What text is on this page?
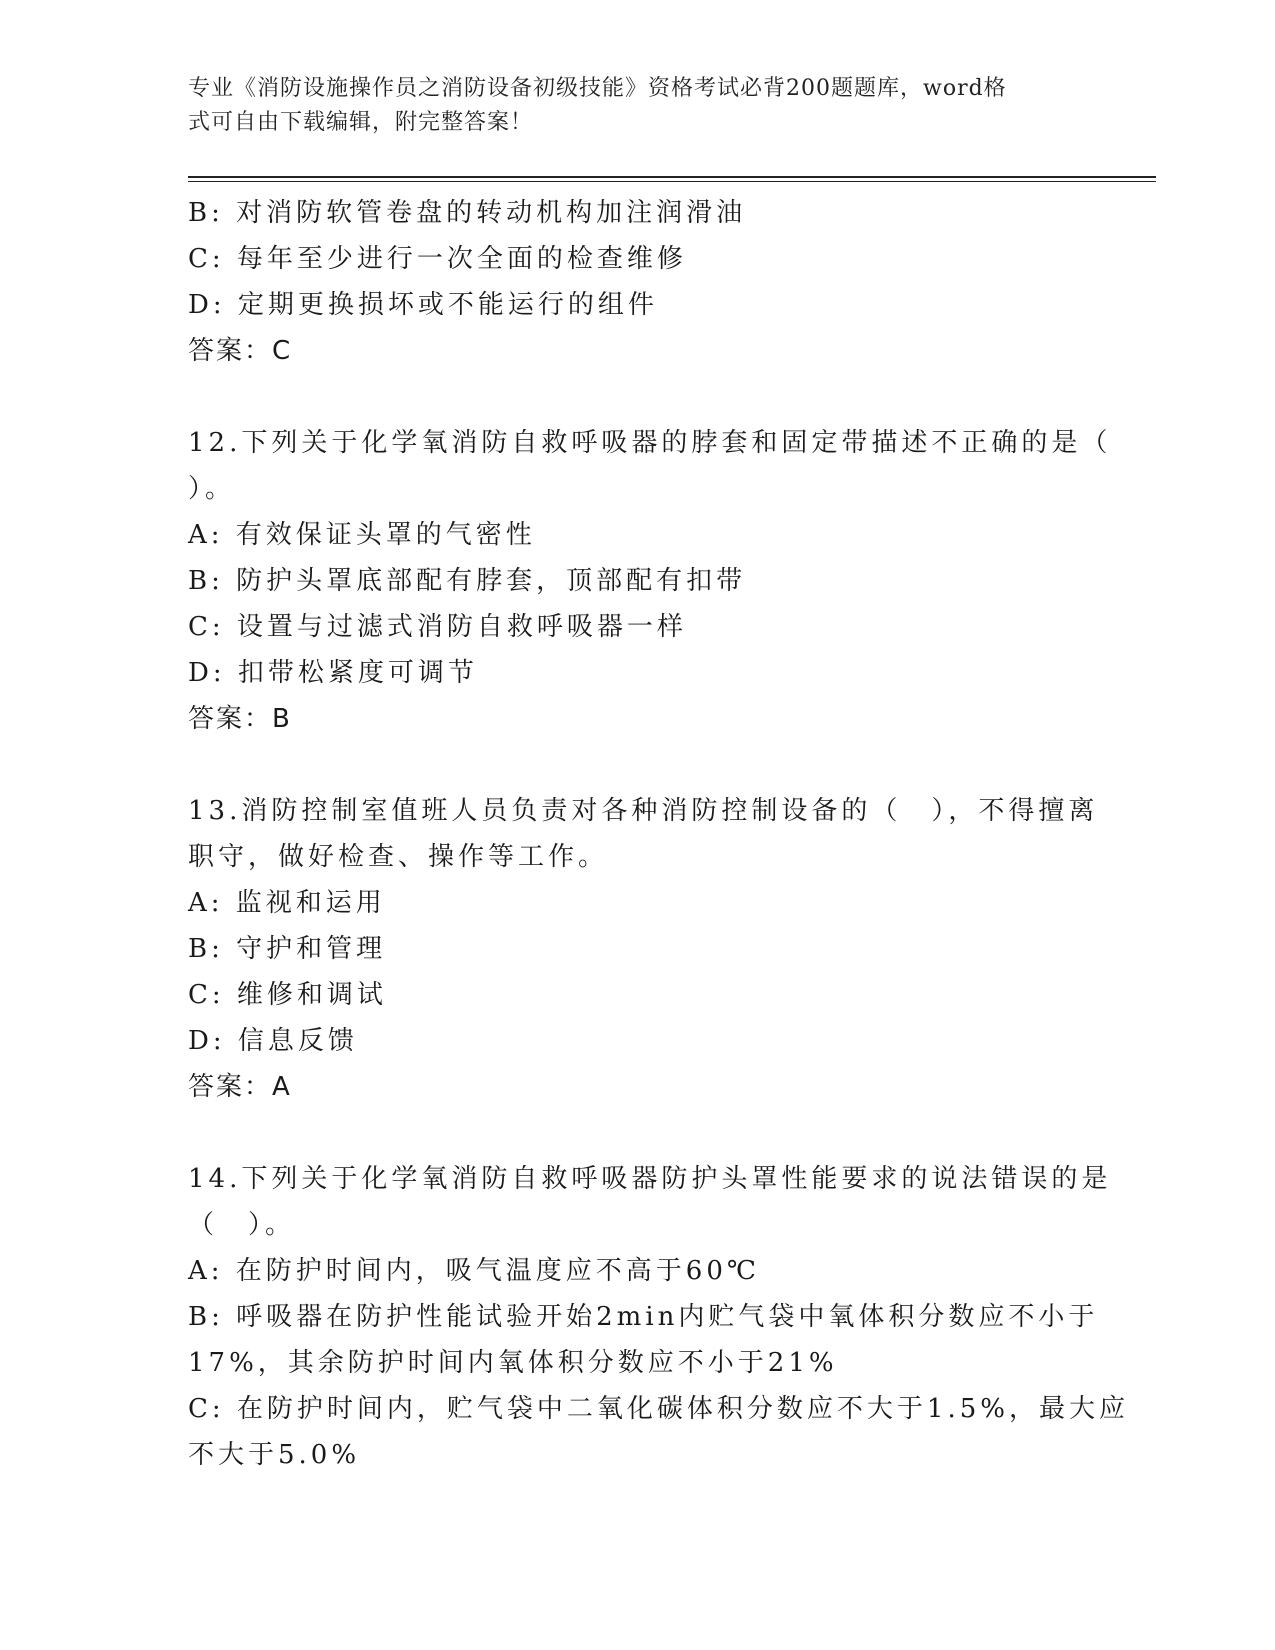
专业《消防设施操作员之消防设备初级技能》资格考试必背200题题库，word格
式可自由下载编辑，附完整答案！
B: 对消防软管卷盘的转动机构加注润滑油
C: 每年至少进行一次全面的检查维修
D: 定期更换损坏或不能运行的组件
答案：C
12.下列关于化学氧消防自救呼吸器的脖套和固定带描述不正确的是（
）。
A: 有效保证头罩的气密性
B: 防护头罩底部配有脖套，顶部配有扣带
C: 设置与过滤式消防自救呼吸器一样
D: 扣带松紧度可调节
答案：B
13.消防控制室值班人员负责对各种消防控制设备的（　），不得擅离
职守，做好检查、操作等工作。
A: 监视和运用
B: 守护和管理
C: 维修和调试
D: 信息反馈
答案：A
14.下列关于化学氧消防自救呼吸器防护头罩性能要求的说法错误的是
（　）。
A: 在防护时间内，吸气温度应不高于60℃
B: 呼吸器在防护性能试验开始2min内贮气袋中氧体积分数应不小于
17%，其余防护时间内氧体积分数应不小于21%
C: 在防护时间内，贮气袋中二氧化碳体积分数应不大于1.5%，最大应
不大于5.0%
